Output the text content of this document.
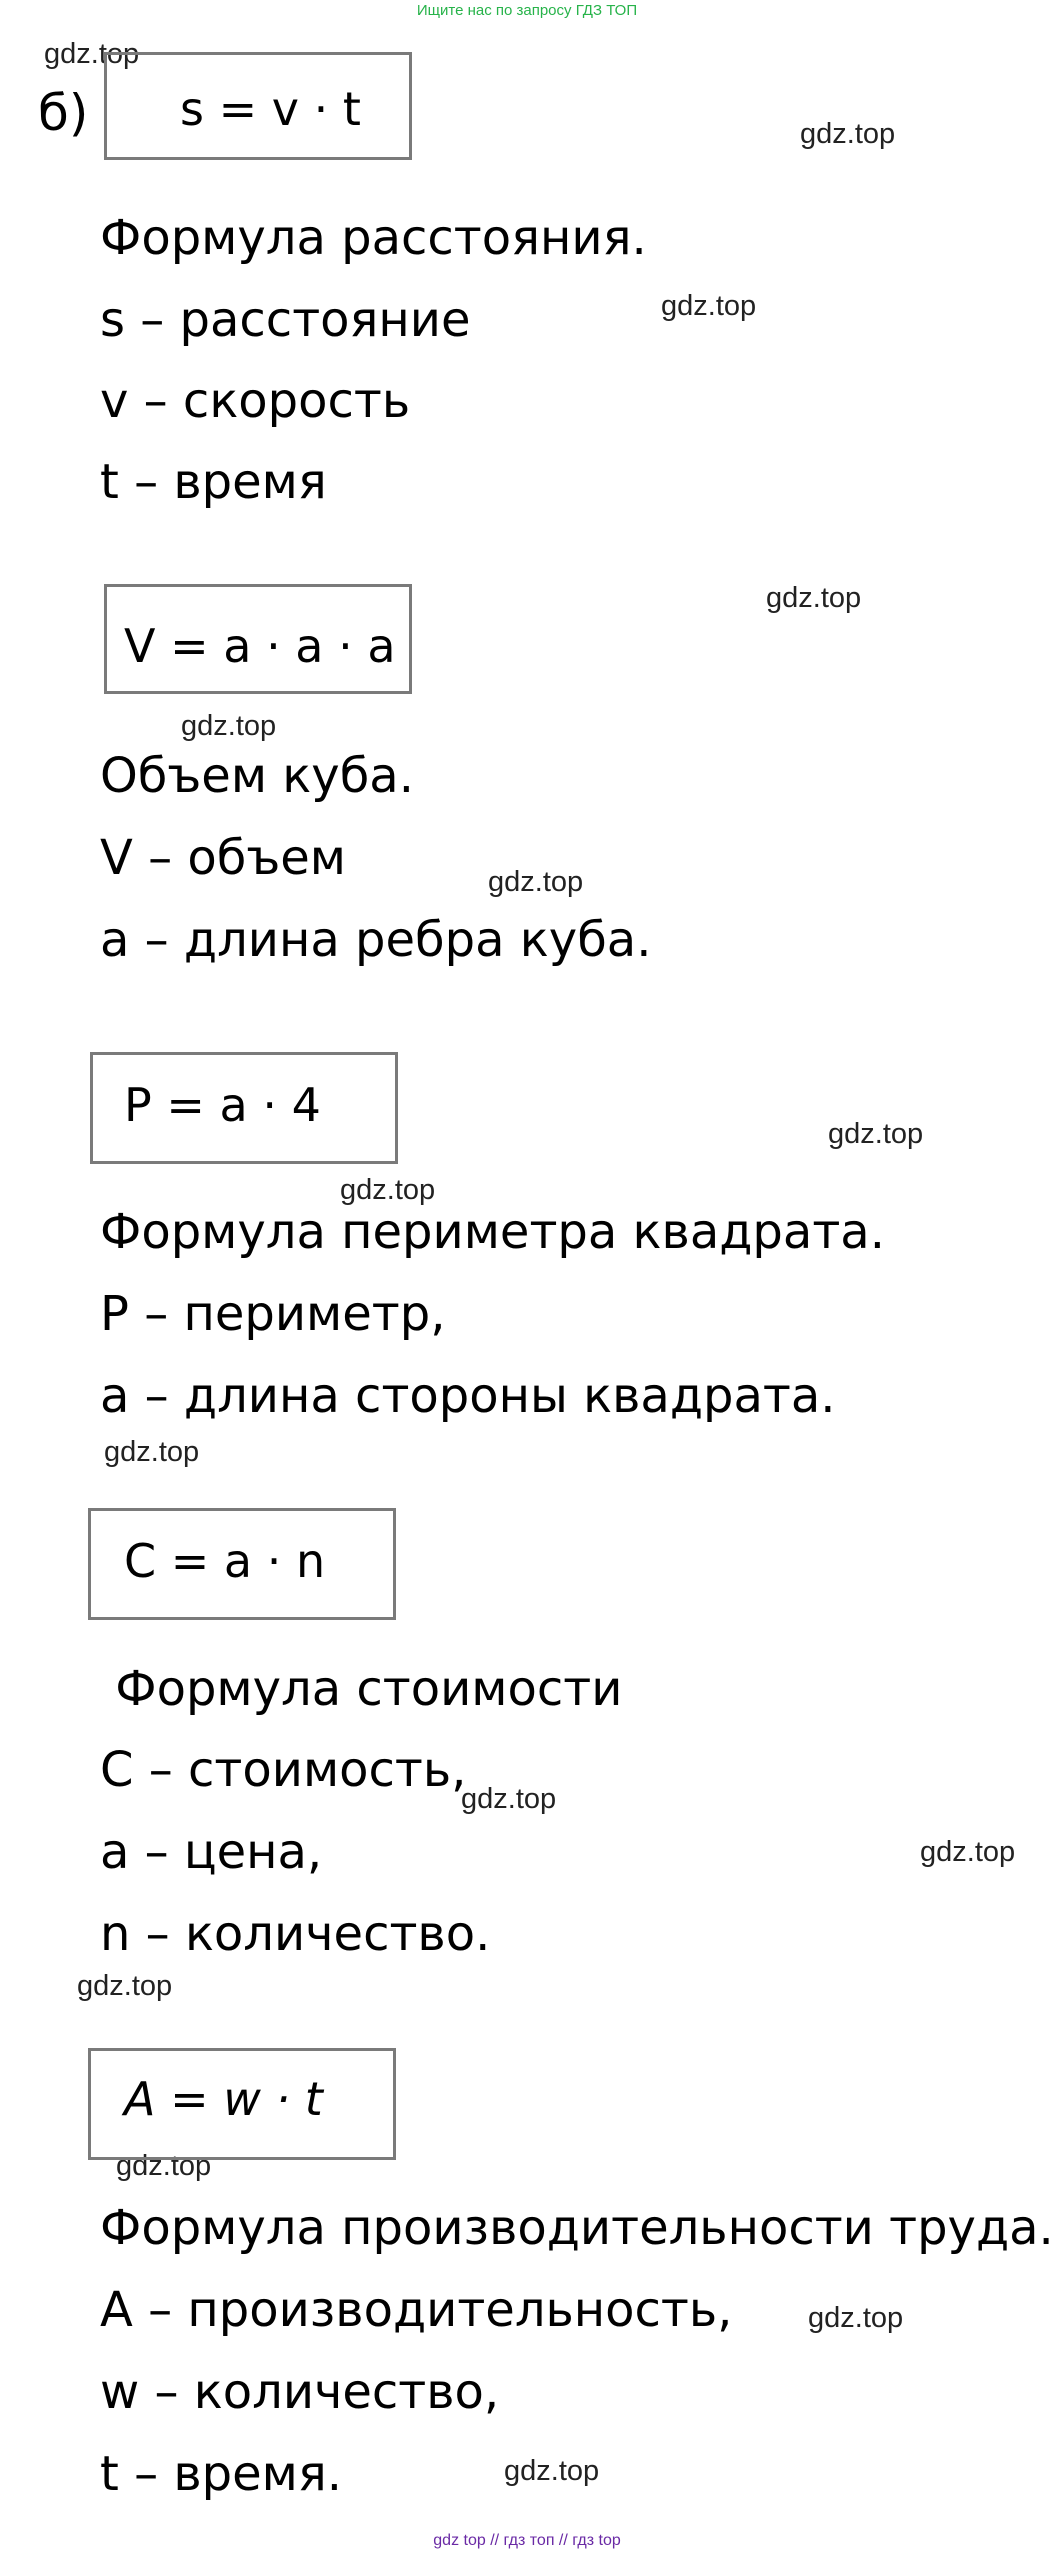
Ищите нас по запросу ГДЗ ТОП
gdz.top
gdz.top
gdz.top
gdz.top
gdz.top
gdz.top
gdz.top
gdz.top
gdz.top
gdz.top
gdz.top
gdz.top
gdz.top
gdz.top
gdz.top
б) s = v · t
Формула расстояния.
s – расстояние
v – скорость
t – время
V = a · a · a
Объем куба.
V – объем
a – длина ребра куба.
P = a · 4
Формула периметра квадрата.
P – периметр,
a – длина стороны квадрата.
C = a · n
Формула стоимости
C – стоимость,
a – цена,
n – количество.
A = w · t
Формула производительности труда.
A – производительность,
w – количество,
t – время.
gdz top // гдз топ // гдз top
